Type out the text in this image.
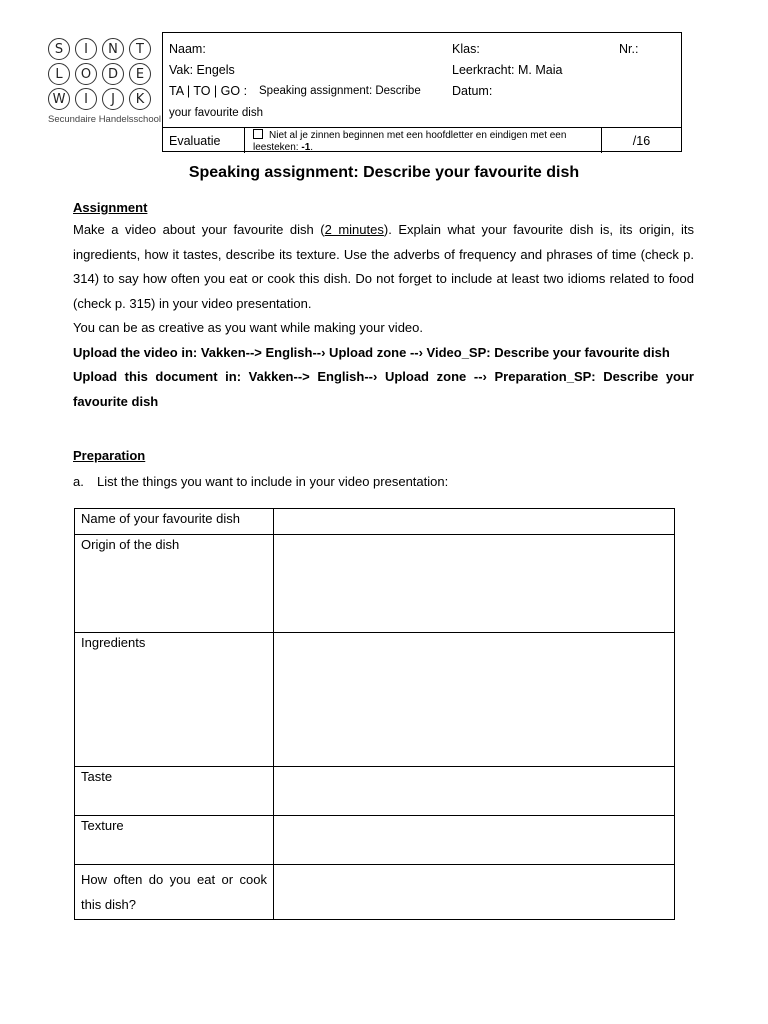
S	I	N	T
L	O	D	E
W	I	J	K
Secundaire Handelsschool
Naam:	Klas:	Nr.:
Vak: Engels	Leerkracht: M. Maia
TA | TO | GO : Speaking assignment: Describe	Datum:
your favourite dish
Evaluatie	Niet al je zinnen beginnen met een hoofdletter en eindigen met een leesteken: -1.	/16
Speaking assignment: Describe your favourite dish
Assignment

Make a video about your favourite dish (2 minutes). Explain what your favourite dish is, its origin, its ingredients, how it tastes, describe its texture. Use the adverbs of frequency and phrases of time (check p. 314) to say how often you eat or cook this dish. Do not forget to include at least two idioms related to food (check p. 315) in your video presentation.

You can be as creative as you want while making your video.

Upload the video in: Vakken--> English--› Upload zone --› Video_SP: Describe your favourite dish

Upload this document in: Vakken--> English--› Upload zone --› Preparation_SP: Describe your favourite dish

Preparation
a. List the things you want to include in your video presentation:
Name of your favourite dish	
Origin of the dish	
Ingredients	
Taste	
Texture	
How often do you eat or cook this dish?	
